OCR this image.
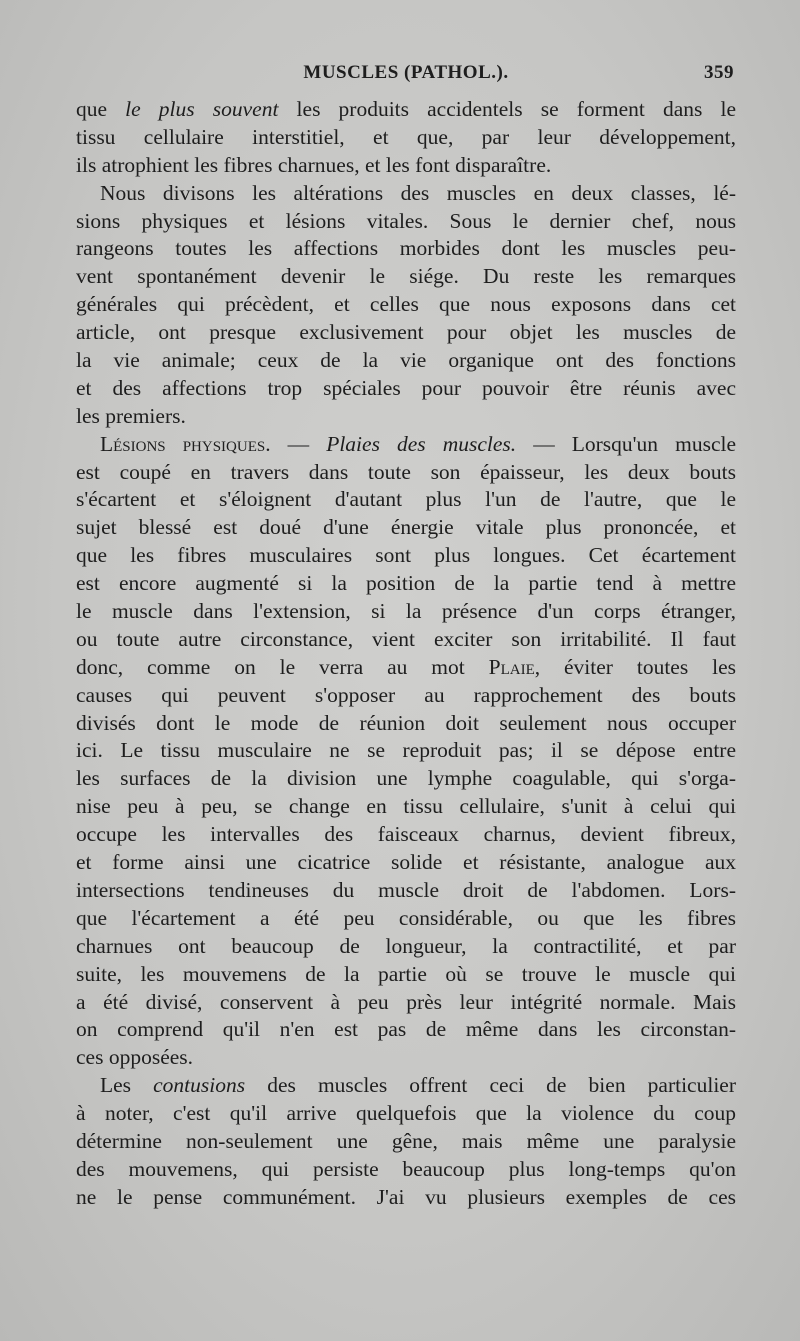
MUSCLES (PATHOL.).	359

que le plus souvent les produits accidentels se forment dans le
tissu cellulaire interstitiel, et que, par leur développement,
ils atrophient les fibres charnues, et les font disparaître.

Nous divisons les altérations des muscles en deux classes, lé-
sions physiques et lésions vitales. Sous le dernier chef, nous
rangeons toutes les affections morbides dont les muscles peu-
vent spontanément devenir le siége. Du reste les remarques
générales qui précèdent, et celles que nous exposons dans cet
article, ont presque exclusivement pour objet les muscles de
la vie animale; ceux de la vie organique ont des fonctions
et des affections trop spéciales pour pouvoir être réunis avec
les premiers.

Lésions physiques. — Plaies des muscles. — Lorsqu'un muscle
est coupé en travers dans toute son épaisseur, les deux bouts
s'écartent et s'éloignent d'autant plus l'un de l'autre, que le
sujet blessé est doué d'une énergie vitale plus prononcée, et
que les fibres musculaires sont plus longues. Cet écartement
est encore augmenté si la position de la partie tend à mettre
le muscle dans l'extension, si la présence d'un corps étranger,
ou toute autre circonstance, vient exciter son irritabilité. Il faut
donc, comme on le verra au mot Plaie, éviter toutes les
causes qui peuvent s'opposer au rapprochement des bouts
divisés dont le mode de réunion doit seulement nous occuper
ici. Le tissu musculaire ne se reproduit pas; il se dépose entre
les surfaces de la division une lymphe coagulable, qui s'orga-
nise peu à peu, se change en tissu cellulaire, s'unit à celui qui
occupe les intervalles des faisceaux charnus, devient fibreux,
et forme ainsi une cicatrice solide et résistante, analogue aux
intersections tendineuses du muscle droit de l'abdomen. Lors-
que l'écartement a été peu considérable, ou que les fibres
charnues ont beaucoup de longueur, la contractilité, et par
suite, les mouvemens de la partie où se trouve le muscle qui
a été divisé, conservent à peu près leur intégrité normale. Mais
on comprend qu'il n'en est pas de même dans les circonstan-
ces opposées.

Les contusions des muscles offrent ceci de bien particulier
à noter, c'est qu'il arrive quelquefois que la violence du coup
détermine non-seulement une gêne, mais même une paralysie
des mouvemens, qui persiste beaucoup plus long-temps qu'on
ne le pense communément. J'ai vu plusieurs exemples de ces
